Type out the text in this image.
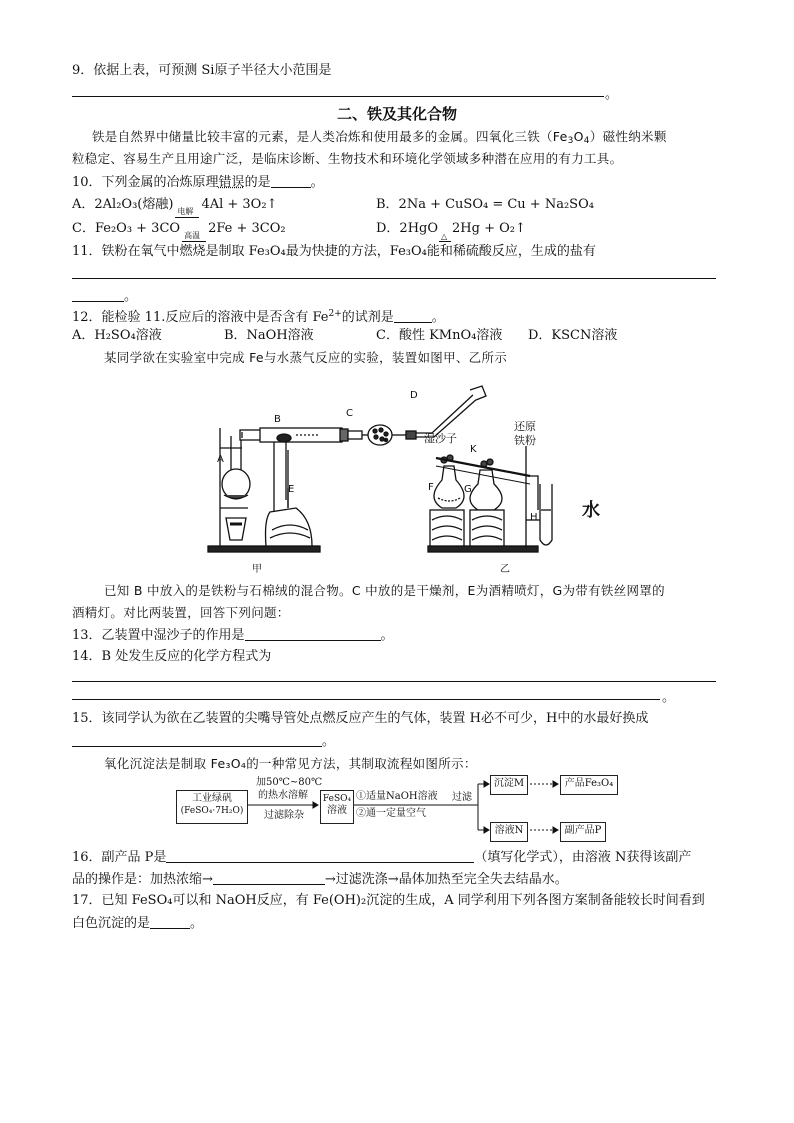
9．依据上表，可预测 Si原子半径大小范围是
。
二、铁及其化合物
铁是自然界中储量比较丰富的元素，是人类冶炼和使用最多的金属。四氧化三铁$(Fe_3O_4)$磁性纳米颗
粒稳定、容易生产且用途广泛，是临床诊断、生物技术和环境化学领域多种潜在应用的有力工具。
10．下列金属的冶炼原理错误的是	。
A．2Al₂O₃(熔融) 电解 4Al + 3O₂↑	B．2Na + CuSO₄ = Cu + Na₂SO₄
C．Fe₂O₃ + 3CO 高温 2Fe + 3CO₂	D．2HgO
△
2Hg + O₂↑
11．铁粉在氧气中燃烧是制取 Fe₃O₄最为快捷的方法，Fe₃O₄能和稀硫酸反应，生成的盐有
。
12．能检验 11.反应后的溶液中是否含有 $Fe^{2+}$的试剂是	。
A．H₂SO₄溶液	B．NaOH溶液	C．酸性 KMnO₄溶液 D．KSCN溶液
某同学欲在实验室中完成 Fe与水蒸气反应的实验，装置如图甲、乙所示
A
B
C
D
E
甲	乙
湿沙子
K
还原
铁粉
F	G
H 水
已知 B 中放入的是铁粉与石棉绒的混合物。C 中放的是干燥剂，E为酒精喷灯，G为带有铁丝网罩的
酒精灯。对比两装置，回答下列问题：
13．乙装置中湿沙子的作用是	。
14．B 处发生反应的化学方程式为
。
15．该同学认为欲在乙装置的尖嘴导管处点燃反应产生的气体，装置 H必不可少，H中的水最好换成
。
氧化沉淀法是制取 Fe₃O₄的一种常见方法，其制取流程如图所示：
工业绿矾
(FeSO₄·7H₂O)
加50℃~80℃
的热水溶解
过滤除杂
FeSO₄
溶液
①适量NaOH溶液
②通一定量空气
过滤
沉淀M
溶液N
产品Fe₃O₄
副产品P
16．副产品 P是	（填写化学式），由溶液 N获得该副产
品的操作是：加热浓缩→	→过滤洗涤→晶体加热至完全失去结晶水。
17．已知 FeSO₄可以和 NaOH反应，有 Fe(OH)₂沉淀的生成，A 同学利用下列各图方案制备能较长时间看到
白色沉淀的是	。
